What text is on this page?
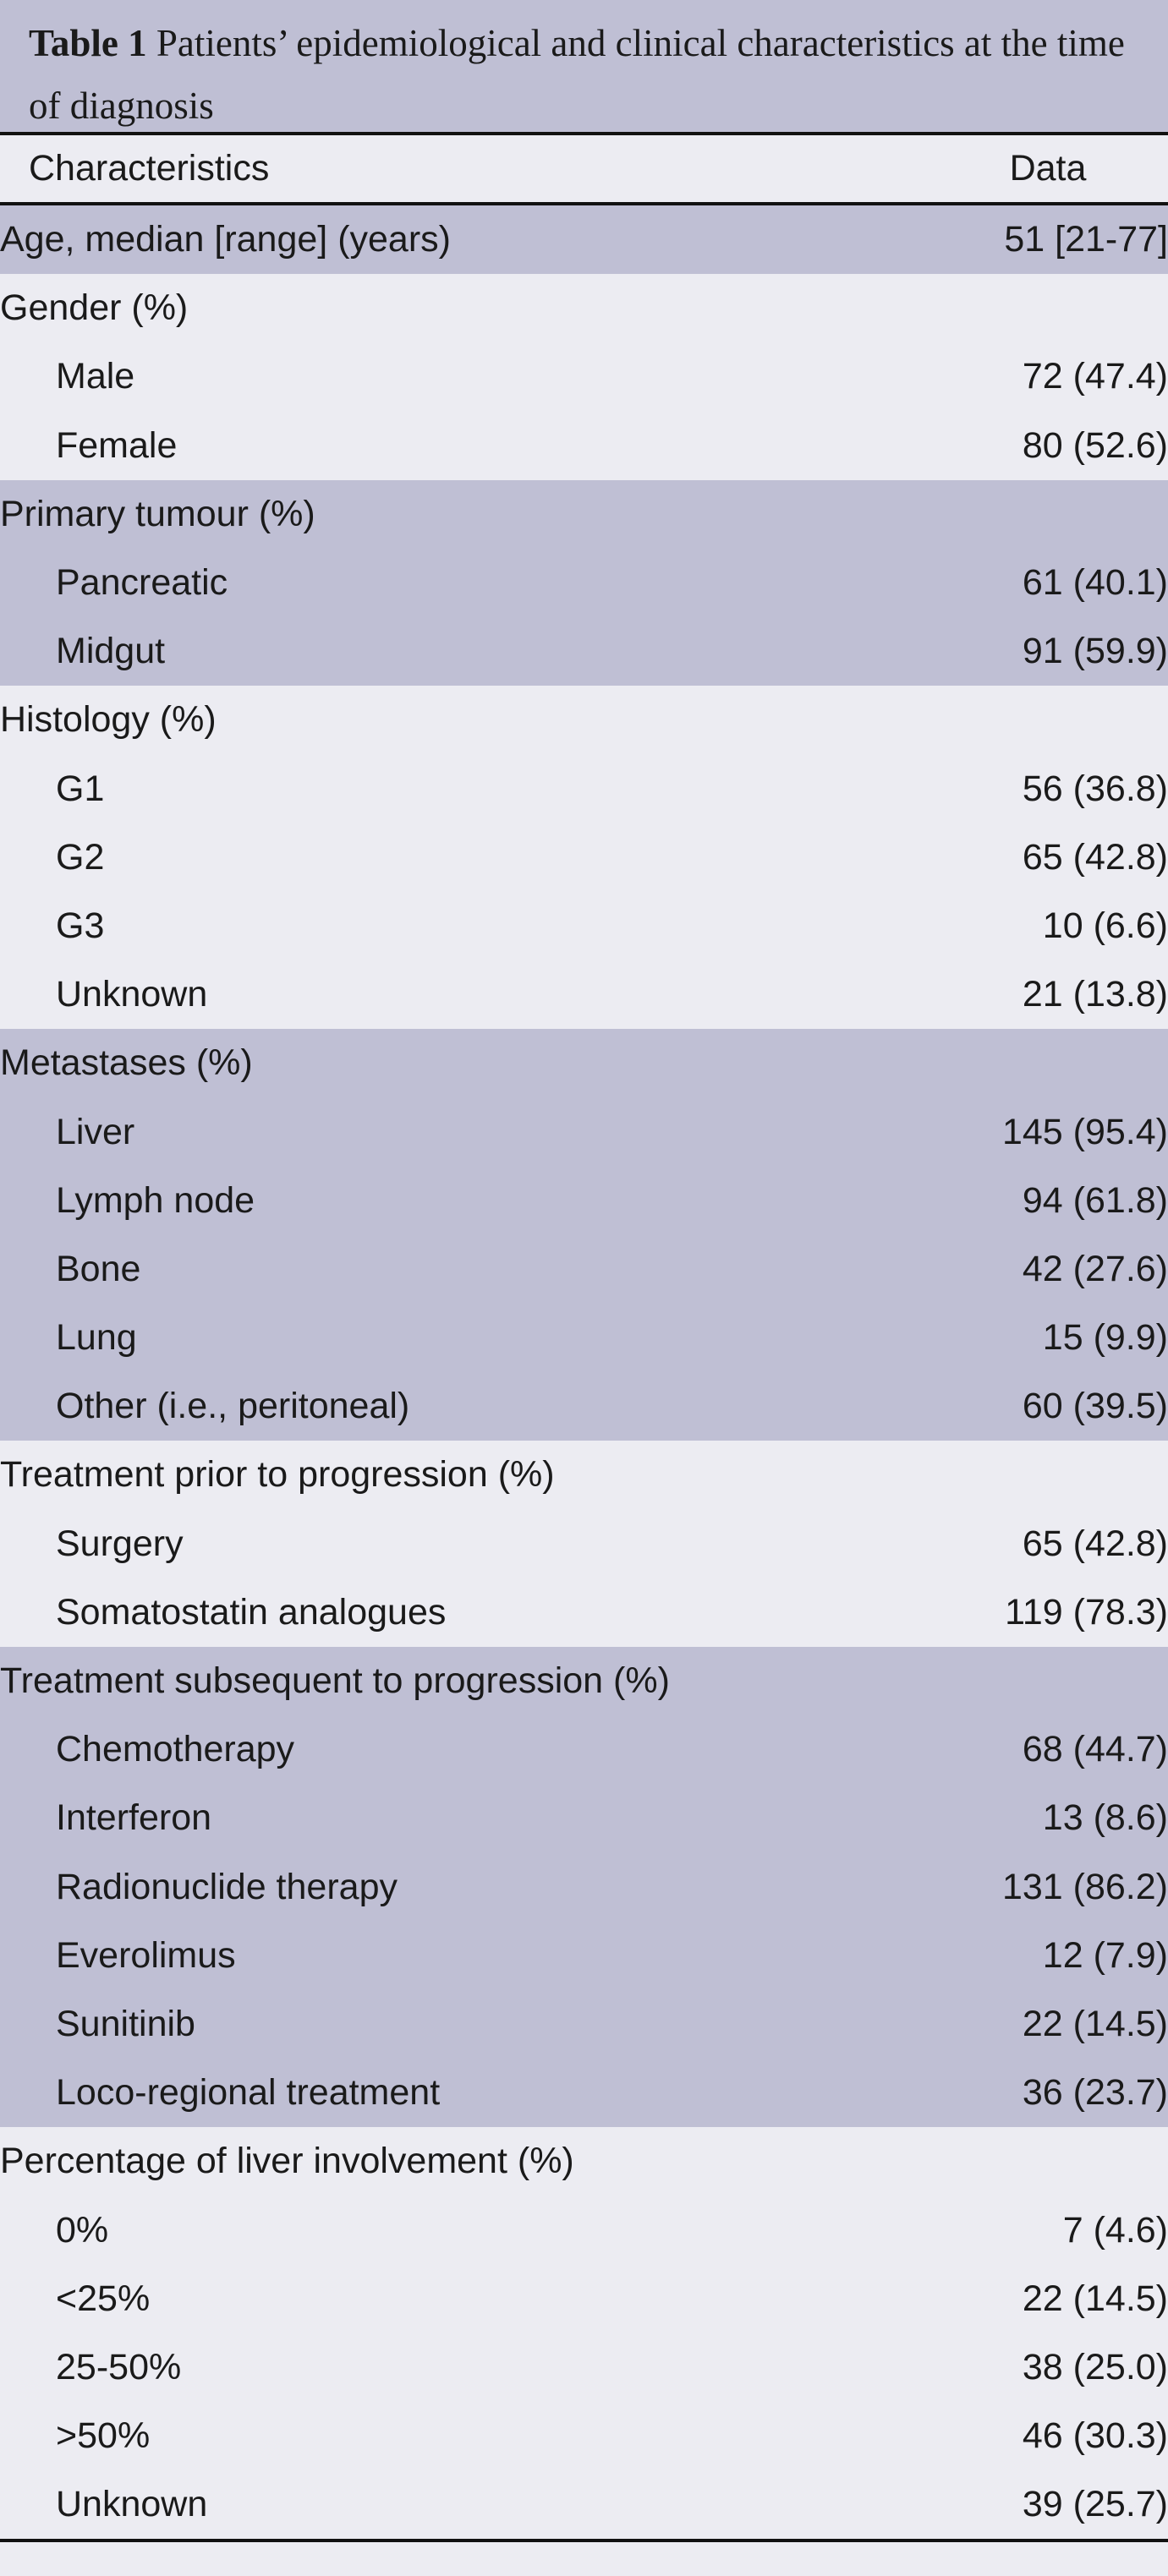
Table 1 Patients’ epidemiological and clinical characteristics at the time of diagnosis
Characteristics	Data
Age, median [range] (years)	51 [21-77]
Gender (%)	
Male	72 (47.4)
Female	80 (52.6)
Primary tumour (%)	
Pancreatic	61 (40.1)
Midgut	91 (59.9)
Histology (%)	
G1	56 (36.8)
G2	65 (42.8)
G3	10 (6.6)
Unknown	21 (13.8)
Metastases (%)	
Liver	145 (95.4)
Lymph node	94 (61.8)
Bone	42 (27.6)
Lung	15 (9.9)
Other (i.e., peritoneal)	60 (39.5)
Treatment prior to progression (%)	
Surgery	65 (42.8)
Somatostatin analogues	119 (78.3)
Treatment subsequent to progression (%)	
Chemotherapy	68 (44.7)
Interferon	13 (8.6)
Radionuclide therapy	131 (86.2)
Everolimus	12 (7.9)
Sunitinib	22 (14.5)
Loco-regional treatment	36 (23.7)
Percentage of liver involvement (%)	
0%	7 (4.6)
<25%	22 (14.5)
25-50%	38 (25.0)
>50%	46 (30.3)
Unknown	39 (25.7)
